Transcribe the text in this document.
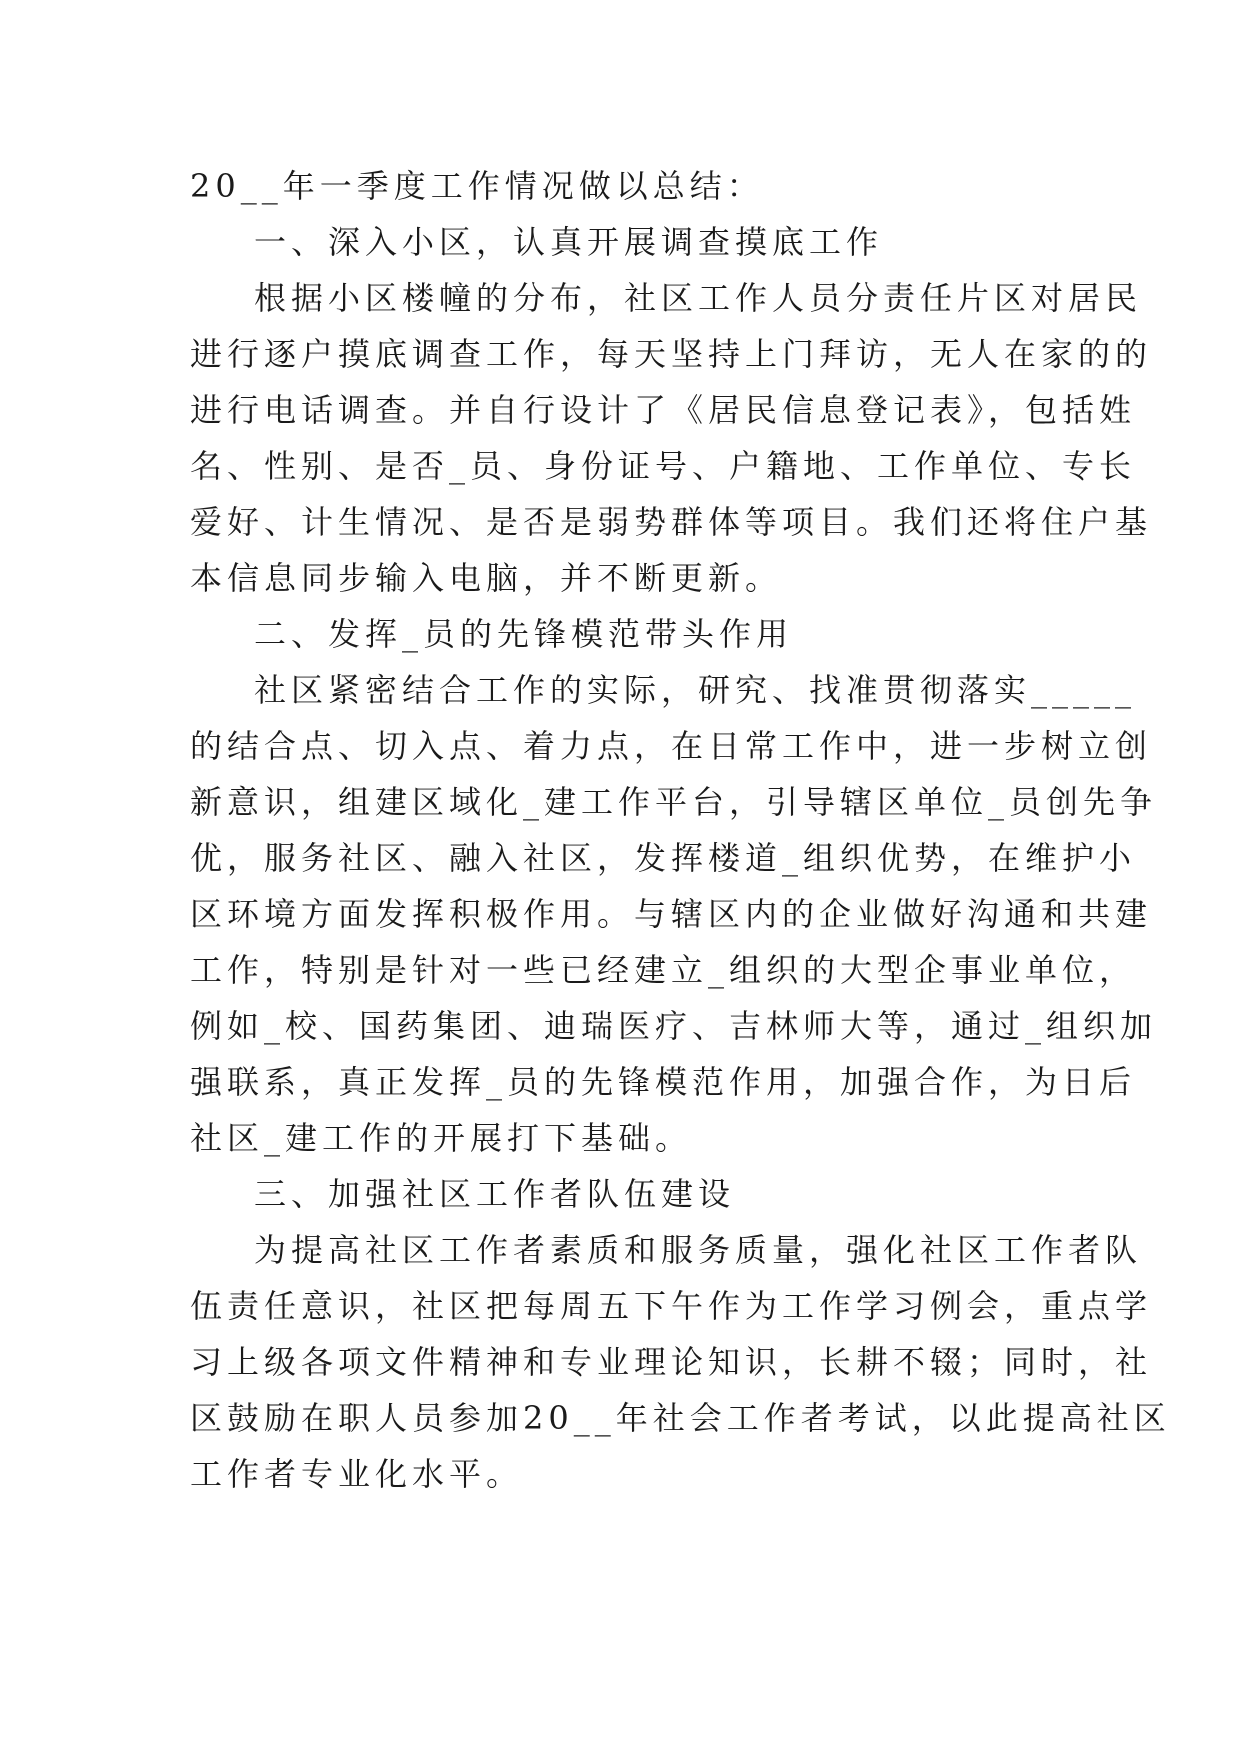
20__年一季度工作情况做以总结：
一、深入小区，认真开展调查摸底工作
根据小区楼幢的分布，社区工作人员分责任片区对居民
进行逐户摸底调查工作，每天坚持上门拜访，无人在家的的
进行电话调查。并自行设计了《居民信息登记表》，包括姓
名、性别、是否_员、身份证号、户籍地、工作单位、专长
爱好、计生情况、是否是弱势群体等项目。我们还将住户基
本信息同步输入电脑，并不断更新。
二、发挥_员的先锋模范带头作用
社区紧密结合工作的实际，研究、找准贯彻落实_____
的结合点、切入点、着力点，在日常工作中，进一步树立创
新意识，组建区域化_建工作平台，引导辖区单位_员创先争
优，服务社区、融入社区，发挥楼道_组织优势，在维护小
区环境方面发挥积极作用。与辖区内的企业做好沟通和共建
工作，特别是针对一些已经建立_组织的大型企事业单位，
例如_校、国药集团、迪瑞医疗、吉林师大等，通过_组织加
强联系，真正发挥_员的先锋模范作用，加强合作，为日后
社区_建工作的开展打下基础。
三、加强社区工作者队伍建设
为提高社区工作者素质和服务质量，强化社区工作者队
伍责任意识，社区把每周五下午作为工作学习例会，重点学
习上级各项文件精神和专业理论知识，长耕不辍；同时，社
区鼓励在职人员参加20__年社会工作者考试，以此提高社区
工作者专业化水平。
